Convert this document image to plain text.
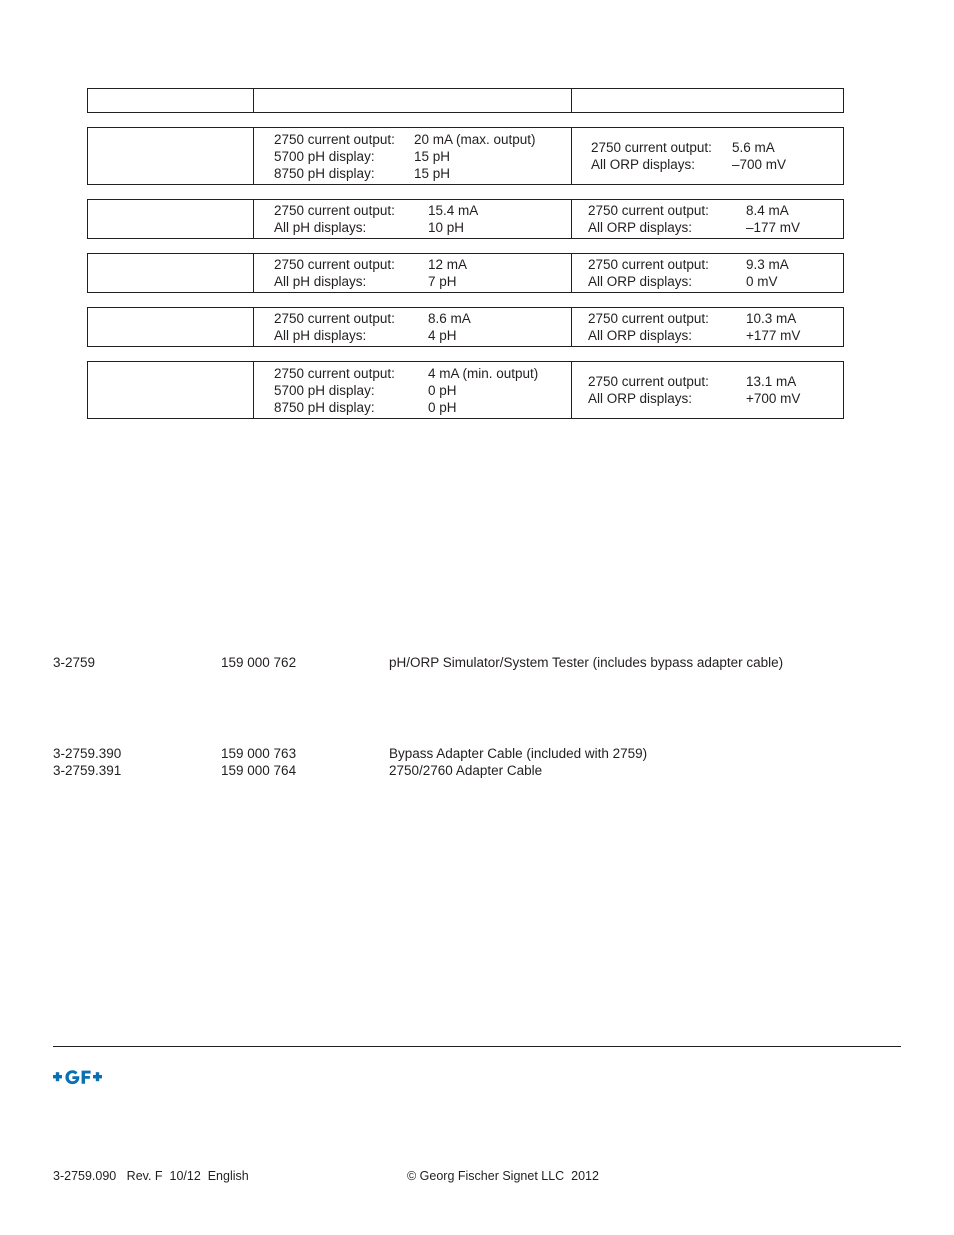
2750 current output: 20 mA (max. output)
5700 pH display:	15 pH
8750 pH display:	15 pH
2750 current output: 5.6 mA
All ORP displays:	–700 mV
2750 current output: 15.4 mA
All pH displays:	10 pH
2750 current output:	8.4 mA
All ORP displays:	–177 mV
2750 current output: 12 mA
All pH displays:	7 pH
2750 current output:	9.3 mA
All ORP displays:	0 mV
2750 current output: 8.6 mA
All pH displays:	4 pH
2750 current output:	10.3 mA
All ORP displays:	+177 mV
2750 current output: 4 mA (min. output)
5700 pH display:	0 pH
8750 pH display:	0 pH
2750 current output:	13.1 mA
All ORP displays:	+700 mV
3-2759	159 000 762	pH/ORP Simulator/System Tester (includes bypass adapter cable)
3-2759.390	159 000 763	Bypass Adapter Cable (included with 2759)
3-2759.391	159 000 764	2750/2760 Adapter Cable
3-2759.090   Rev. F  10/12  English	© Georg Fischer Signet LLC  2012
